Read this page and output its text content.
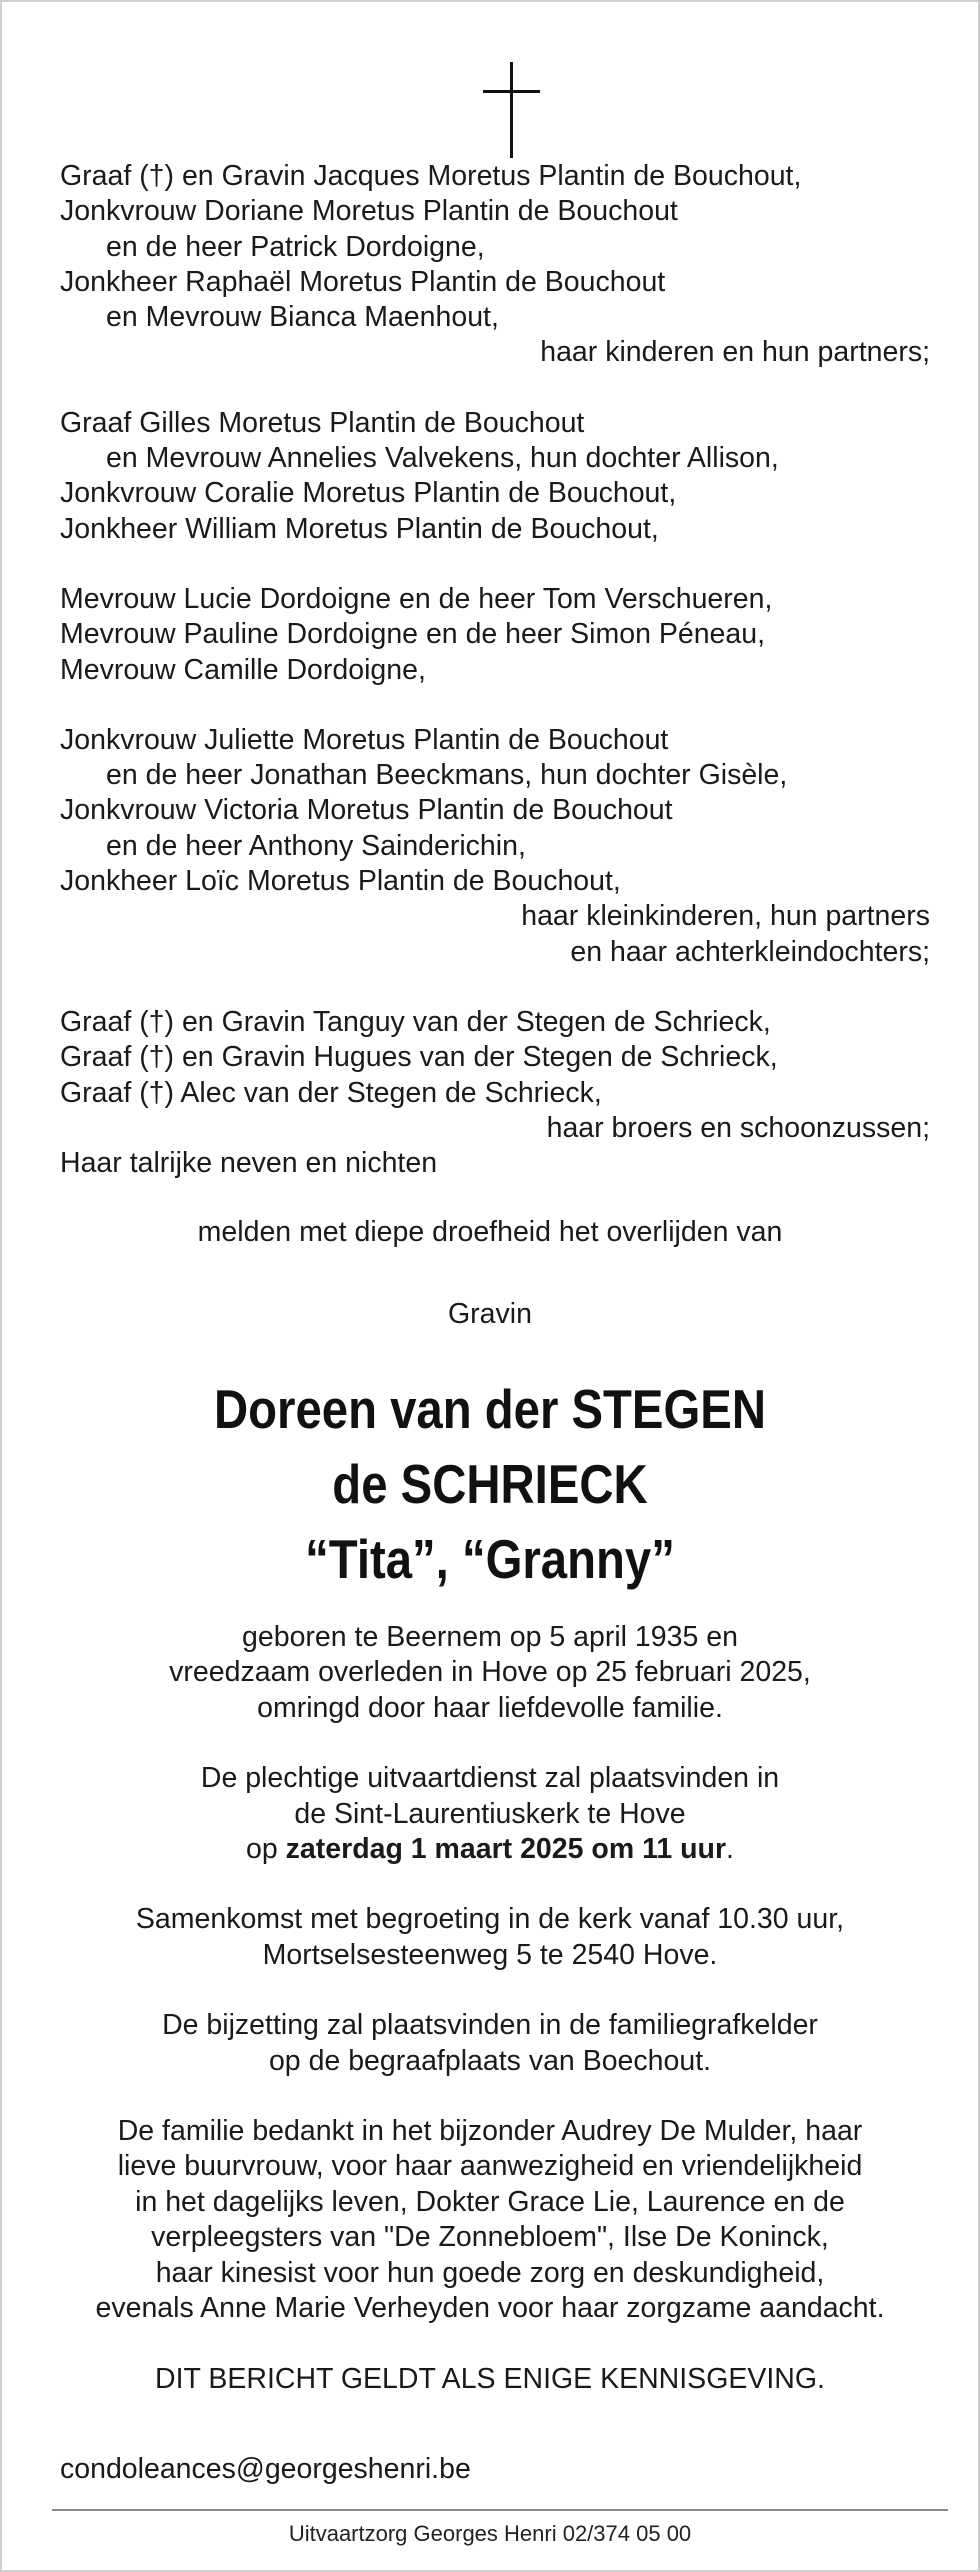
Graaf (†) en Gravin Jacques Moretus Plantin de Bouchout,
Jonkvrouw Doriane Moretus Plantin de Bouchout
en de heer Patrick Dordoigne,
Jonkheer Raphaël Moretus Plantin de Bouchout
en Mevrouw Bianca Maenhout,
haar kinderen en hun partners;
Graaf Gilles Moretus Plantin de Bouchout
en Mevrouw Annelies Valvekens, hun dochter Allison,
Jonkvrouw Coralie Moretus Plantin de Bouchout,
Jonkheer William Moretus Plantin de Bouchout,
Mevrouw Lucie Dordoigne en de heer Tom Verschueren,
Mevrouw Pauline Dordoigne en de heer Simon Péneau,
Mevrouw Camille Dordoigne,
Jonkvrouw Juliette Moretus Plantin de Bouchout
en de heer Jonathan Beeckmans, hun dochter Gisèle,
Jonkvrouw Victoria Moretus Plantin de Bouchout
en de heer Anthony Sainderichin,
Jonkheer Loïc Moretus Plantin de Bouchout,
haar kleinkinderen, hun partners
en haar achterkleindochters;
Graaf (†) en Gravin Tanguy van der Stegen de Schrieck,
Graaf (†) en Gravin Hugues van der Stegen de Schrieck,
Graaf (†) Alec van der Stegen de Schrieck,
haar broers en schoonzussen;
Haar talrijke neven en nichten
melden met diepe droefheid het overlijden van
Gravin
Doreen van der STEGEN
de SCHRIECK
“Tita”, “Granny”
geboren te Beernem op 5 april 1935 en
vreedzaam overleden in Hove op 25 februari 2025,
omringd door haar liefdevolle familie.
De plechtige uitvaartdienst zal plaatsvinden in
de Sint-Laurentiuskerk te Hove
op zaterdag 1 maart 2025 om 11 uur.
Samenkomst met begroeting in de kerk vanaf 10.30 uur,
Mortselsesteenweg 5 te 2540 Hove.
De bijzetting zal plaatsvinden in de familiegrafkelder
op de begraafplaats van Boechout.
De familie bedankt in het bijzonder Audrey De Mulder, haar
lieve buurvrouw, voor haar aanwezigheid en vriendelijkheid
in het dagelijks leven, Dokter Grace Lie, Laurence en de
verpleegsters van "De Zonnebloem", Ilse De Koninck,
haar kinesist voor hun goede zorg en deskundigheid,
evenals Anne Marie Verheyden voor haar zorgzame aandacht.
DIT BERICHT GELDT ALS ENIGE KENNISGEVING.
condoleances@georgeshenri.be
Uitvaartzorg Georges Henri 02/374 05 00
